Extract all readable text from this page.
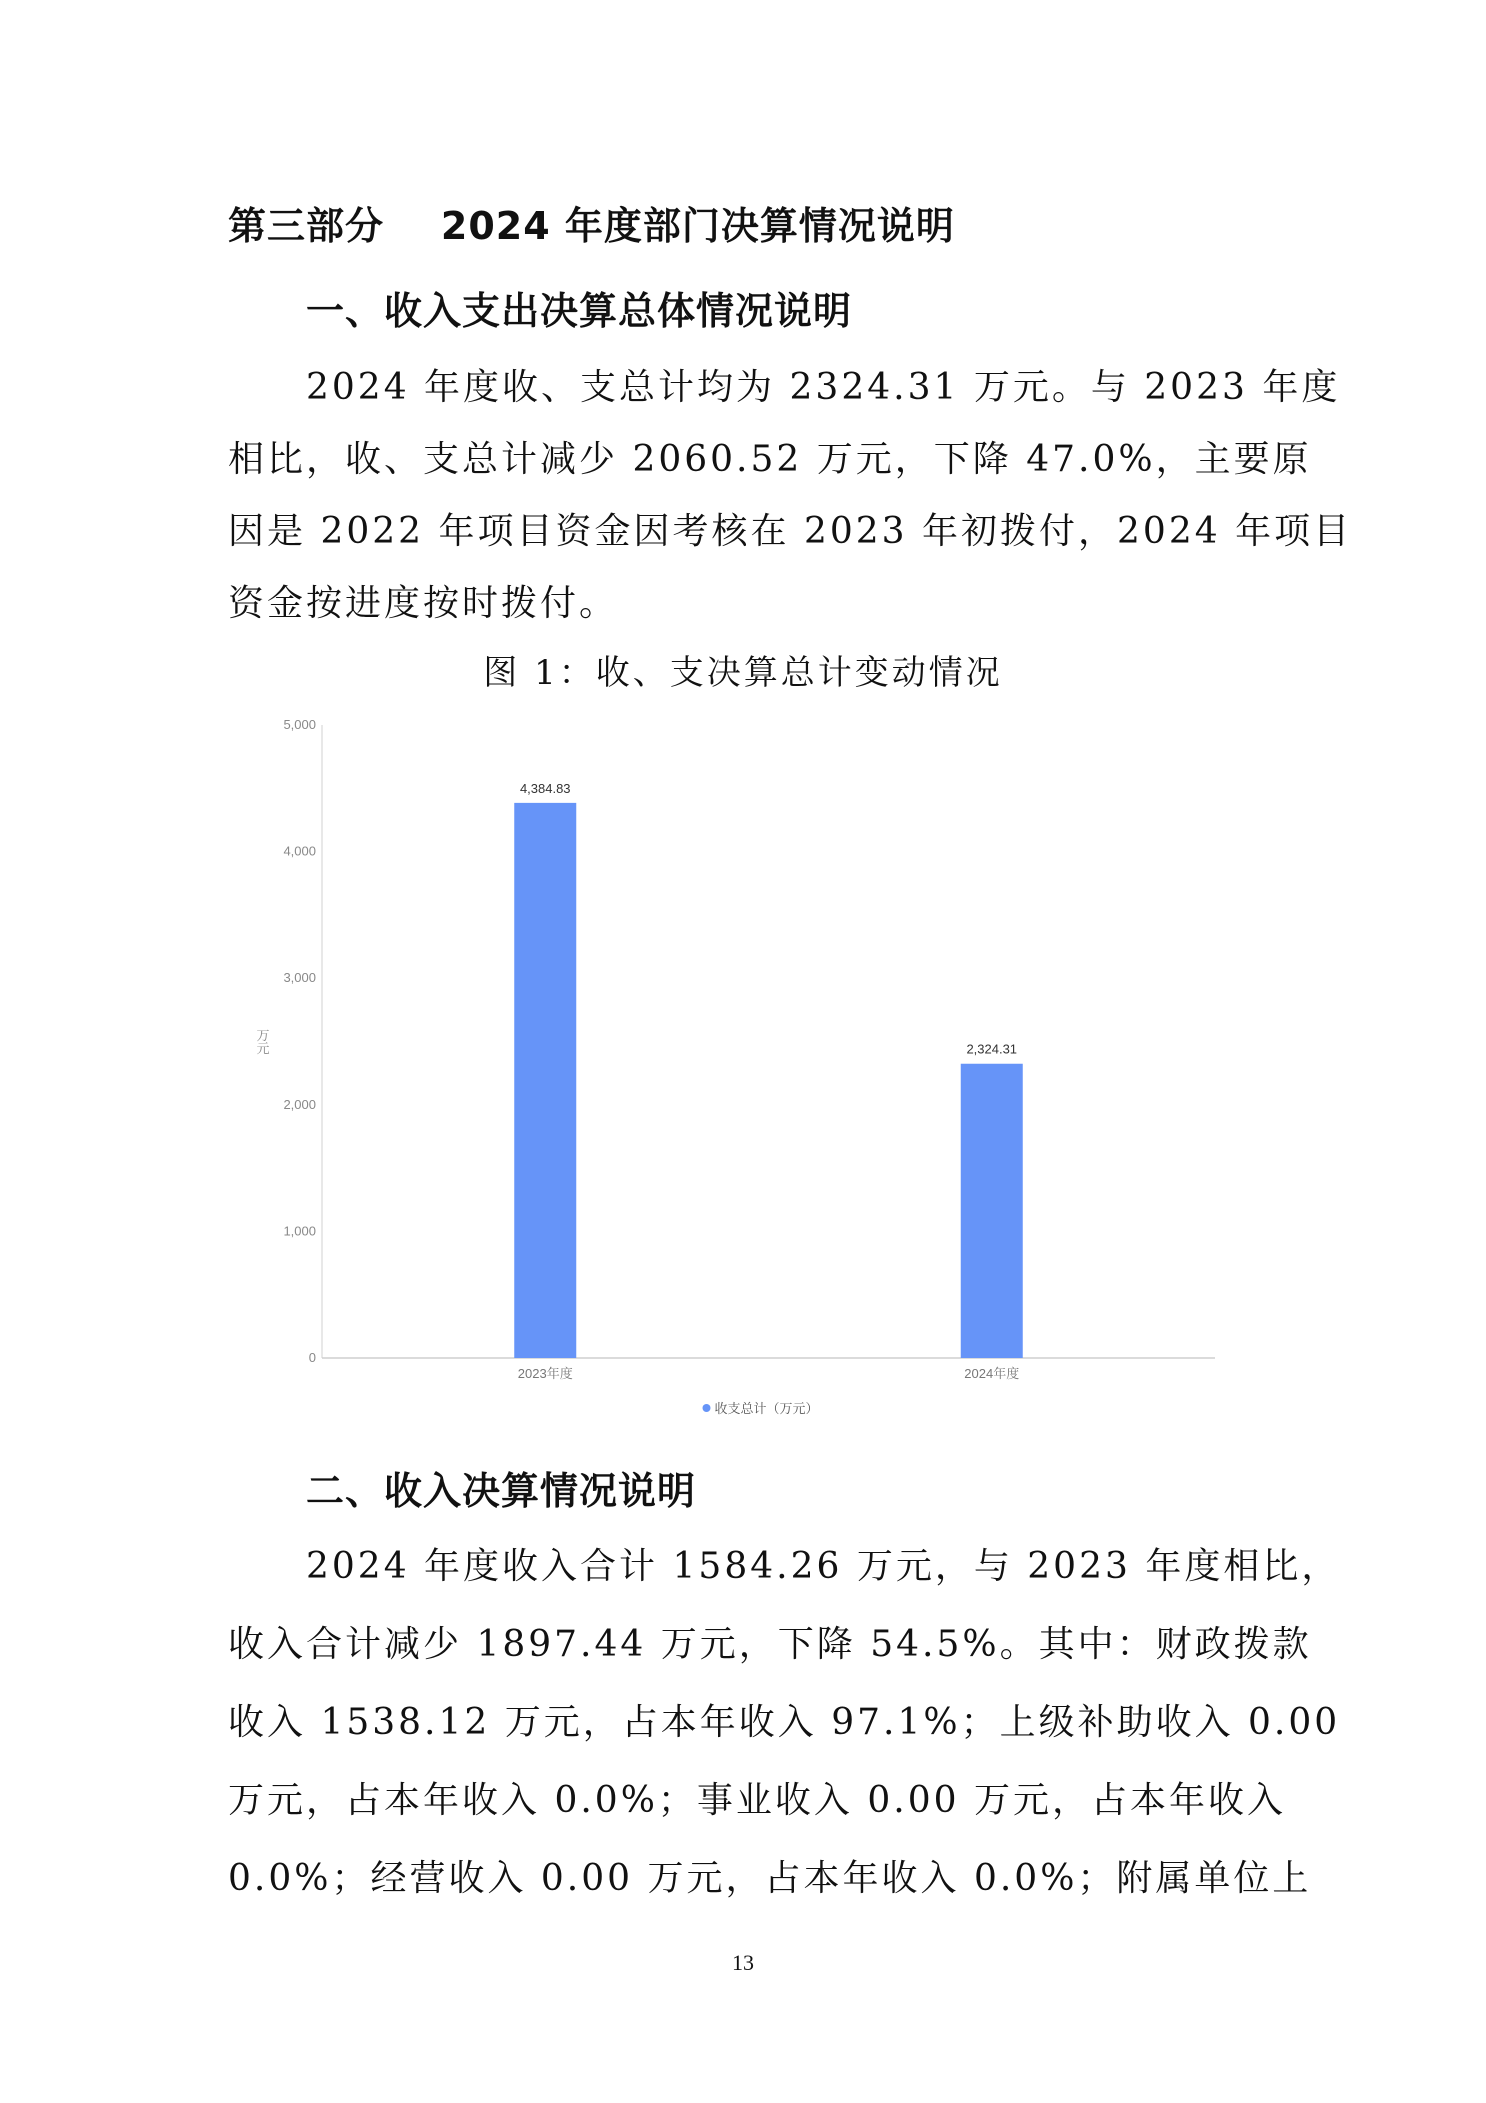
第三部分    2024 年度部门决算情况说明
一、收入支出决算总体情况说明
2024 年度收、支总计均为 2324.31 万元。与 2023 年度
相比，收、支总计减少 2060.52 万元，下降 47.0%，主要原
因是 2022 年项目资金因考核在 2023 年初拨付，2024 年项目
资金按进度按时拨付。
图 1：收、支决算总计变动情况
0
1,000
2,000
3,000
4,000
5,000
万元
4,384.83
2023年度
2,324.31
2024年度
收支总计（万元）
二、收入决算情况说明
2024 年度收入合计 1584.26 万元，与 2023 年度相比，
收入合计减少 1897.44 万元，下降 54.5%。其中：财政拨款
收入 1538.12 万元，占本年收入 97.1%；上级补助收入 0.00
万元，占本年收入 0.0%；事业收入 0.00 万元，占本年收入
0.0%；经营收入 0.00 万元，占本年收入 0.0%；附属单位上
13
